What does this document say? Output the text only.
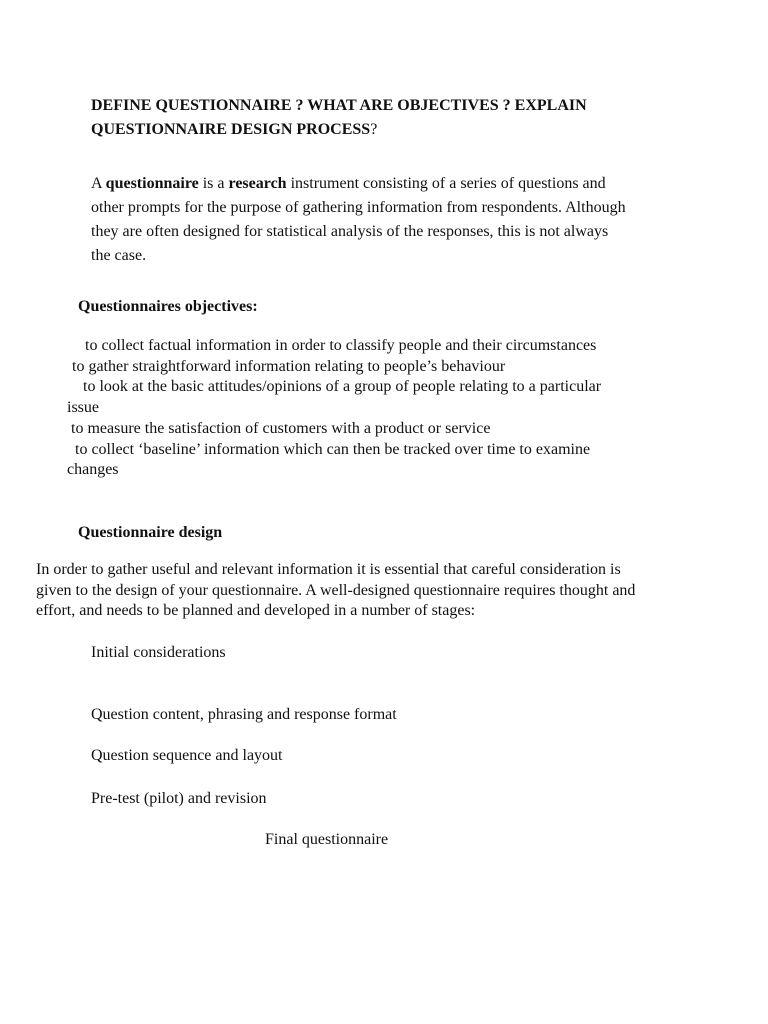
DEFINE QUESTIONNAIRE ? WHAT ARE OBJECTIVES ? EXPLAIN
QUESTIONNAIRE DESIGN PROCESS?
A questionnaire is a research instrument consisting of a series of questions and
other prompts for the purpose of gathering information from respondents. Although
they are often designed for statistical analysis of the responses, this is not always
the case.
Questionnaires objectives:
to collect factual information in order to classify people and their circumstances
to gather straightforward information relating to people’s behaviour
to look at the basic attitudes/opinions of a group of people relating to a particular
issue
to measure the satisfaction of customers with a product or service
to collect ‘baseline’ information which can then be tracked over time to examine
changes
Questionnaire design
In order to gather useful and relevant information it is essential that careful consideration is
given to the design of your questionnaire. A well-designed questionnaire requires thought and
effort, and needs to be planned and developed in a number of stages:
Initial considerations
Question content, phrasing and response format
Question sequence and layout
Pre-test (pilot) and revision
Final questionnaire
